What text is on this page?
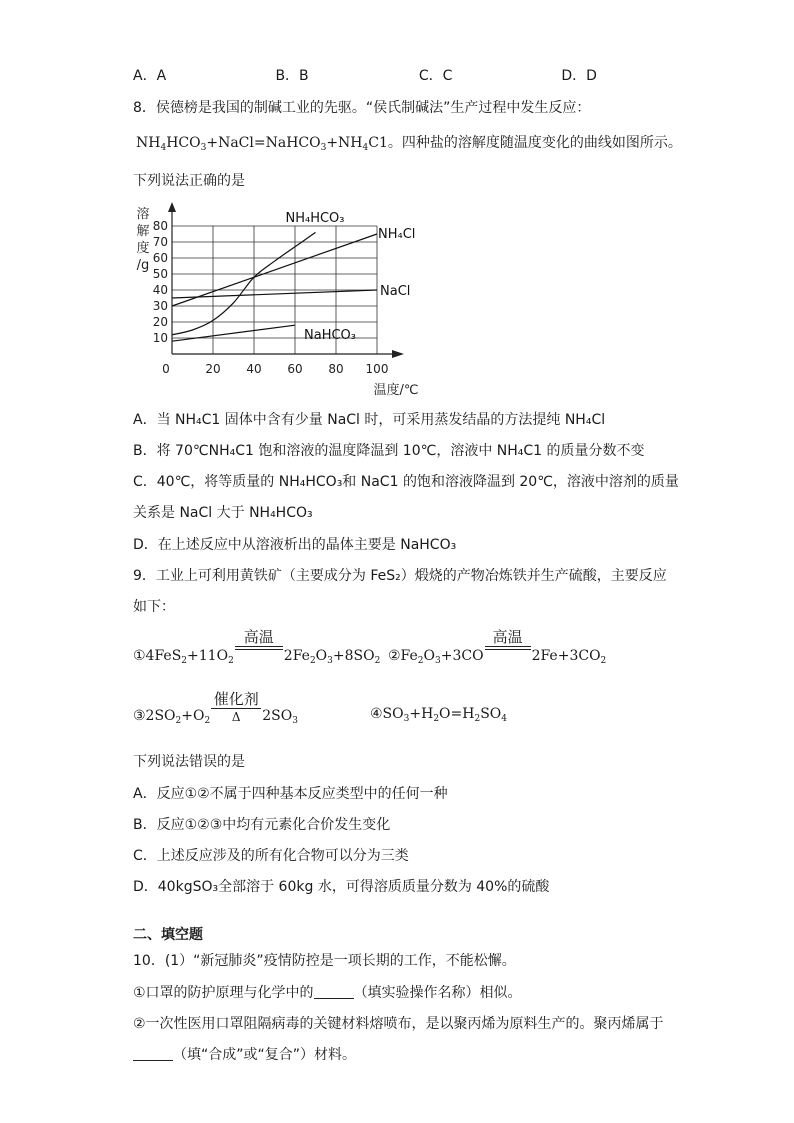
A．A	B．B	C．C	D．D
8．侯德榜是我国的制碱工业的先驱。“侯氏制碱法”生产过程中发生反应：
$NH_4HCO_3+NaCl=NaHCO_3+NH_4C1$。四种盐的溶解度随温度变化的曲线如图所示。
下列说法正确的是
10
20
30
40
50
60
70
80
0	20 40 60 80 100
溶
解
度
/g
温度/℃
NH₄HCO₃
NH₄Cl
NaCl
NaHCO₃
A．当 NH₄C1 固体中含有少量 NaCl 时，可采用蒸发结晶的方法提纯 NH₄Cl
B．将 70℃NH₄C1 饱和溶液的温度降温到 10℃，溶液中 NH₄C1 的质量分数不变
C．40℃，将等质量的 NH₄HCO₃和 NaC1 的饱和溶液降温到 20℃，溶液中溶剂的质量
关系是 NaCl 大于 NH₄HCO₃
D．在上述反应中从溶液析出的晶体主要是 NaHCO₃
9．工业上可利用黄铁矿（主要成分为 FeS₂）煅烧的产物冶炼铁并生产硫酸，主要反应
如下：
$①4FeS_2+11O_2$
高温

$2Fe_2O_3+8SO_2$ $②Fe_2O_3+3CO$
高温

$2Fe+3CO_2$
$③2SO_2+O_2$
催化剂
Δ	$2SO_3$	$④SO_3+H_2O=H_2SO_4$
下列说法错误的是
A．反应①②不属于四种基本反应类型中的任何一种
B．反应①②③中均有元素化合价发生变化
C．上述反应涉及的所有化合物可以分为三类
D．40kgSO₃全部溶于 60kg 水，可得溶质质量分数为 40%的硫酸
二、填空题
10．(1）“新冠肺炎”疫情防控是一项长期的工作，不能松懈。
①口罩的防护原理与化学中的	（填实验操作名称）相似。
②一次性医用口罩阻隔病毒的关键材料熔喷布，是以聚丙烯为原料生产的。聚丙烯属于
（填“合成”或“复合”）材料。
